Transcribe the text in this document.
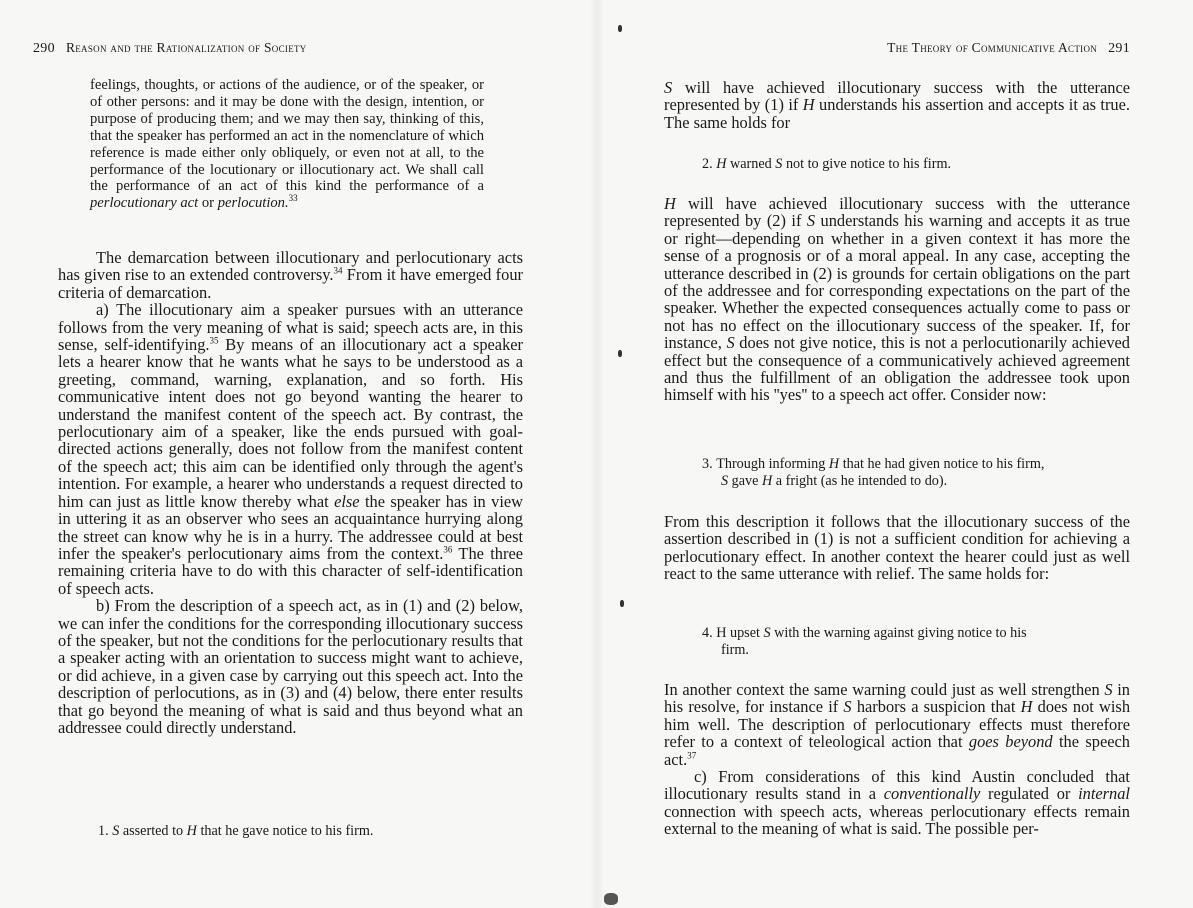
290 Reason and the Rationalization of Society
feelings, thoughts, or actions of the audience, or of the speaker, or of other persons: and it may be done with the design, intention, or purpose of producing them; and we may then say, thinking of this, that the speaker has performed an act in the nomenclature of which reference is made either only obliquely, or even not at all, to the performance of the locutionary or illocutionary act. We shall call the performance of an act of this kind the performance of a perlocutionary act or perlocution.$^{33}$

The demarcation between illocutionary and perlocutionary acts has given rise to an extended controversy.$^{34}$ From it have emerged four criteria of demarcation.

a) The illocutionary aim a speaker pursues with an utterance follows from the very meaning of what is said; speech acts are, in this sense, self-identifying.$^{35}$ By means of an illocutionary act a speaker lets a hearer know that he wants what he says to be understood as a greeting, command, warning, explanation, and so forth. His communicative intent does not go beyond wanting the hearer to understand the manifest content of the speech act. By contrast, the perlocutionary aim of a speaker, like the ends pursued with goal-directed actions generally, does not follow from the manifest content of the speech act; this aim can be identified only through the agent's intention. For example, a hearer who understands a request directed to him can just as little know thereby what else the speaker has in view in uttering it as an observer who sees an acquaintance hurrying along the street can know why he is in a hurry. The addressee could at best infer the speaker's perlocutionary aims from the context.$^{36}$ The three remaining criteria have to do with this character of self-identification of speech acts.

b) From the description of a speech act, as in (1) and (2) below, we can infer the conditions for the corresponding illocutionary success of the speaker, but not the conditions for the perlocutionary results that a speaker acting with an orientation to success might want to achieve, or did achieve, in a given case by carrying out this speech act. Into the description of perlocutions, as in (3) and (4) below, there enter results that go beyond the meaning of what is said and thus beyond what an addressee could directly understand.

1. S asserted to H that he gave notice to his firm.
The Theory of Communicative Action 291
S will have achieved illocutionary success with the utterance represented by (1) if H understands his assertion and accepts it as true. The same holds for
2. H warned S not to give notice to his firm.
H will have achieved illocutionary success with the utterance represented by (2) if S understands his warning and accepts it as true or right—depending on whether in a given context it has more the sense of a prognosis or of a moral appeal. In any case, accepting the utterance described in (2) is grounds for certain obligations on the part of the addressee and for corresponding expectations on the part of the speaker. Whether the expected consequences actually come to pass or not has no effect on the illocutionary success of the speaker. If, for instance, S does not give notice, this is not a perlocutionarily achieved effect but the consequence of a communicatively achieved agreement and thus the fulfillment of an obligation the addressee took upon himself with his ''yes'' to a speech act offer. Consider now:
3. Through informing H that he had given notice to his firm,
S gave H a fright (as he intended to do).
From this description it follows that the illocutionary success of the assertion described in (1) is not a sufficient condition for achieving a perlocutionary effect. In another context the hearer could just as well react to the same utterance with relief. The same holds for:
4. H upset S with the warning against giving notice to his
firm.

In another context the same warning could just as well strengthen S in his resolve, for instance if S harbors a suspicion that H does not wish him well. The description of perlocutionary effects must therefore refer to a context of teleological action that goes beyond the speech act.$^{37}$

c) From considerations of this kind Austin concluded that illocutionary results stand in a conventionally regulated or internal connection with speech acts, whereas perlocutionary effects remain external to the meaning of what is said. The possible per-
